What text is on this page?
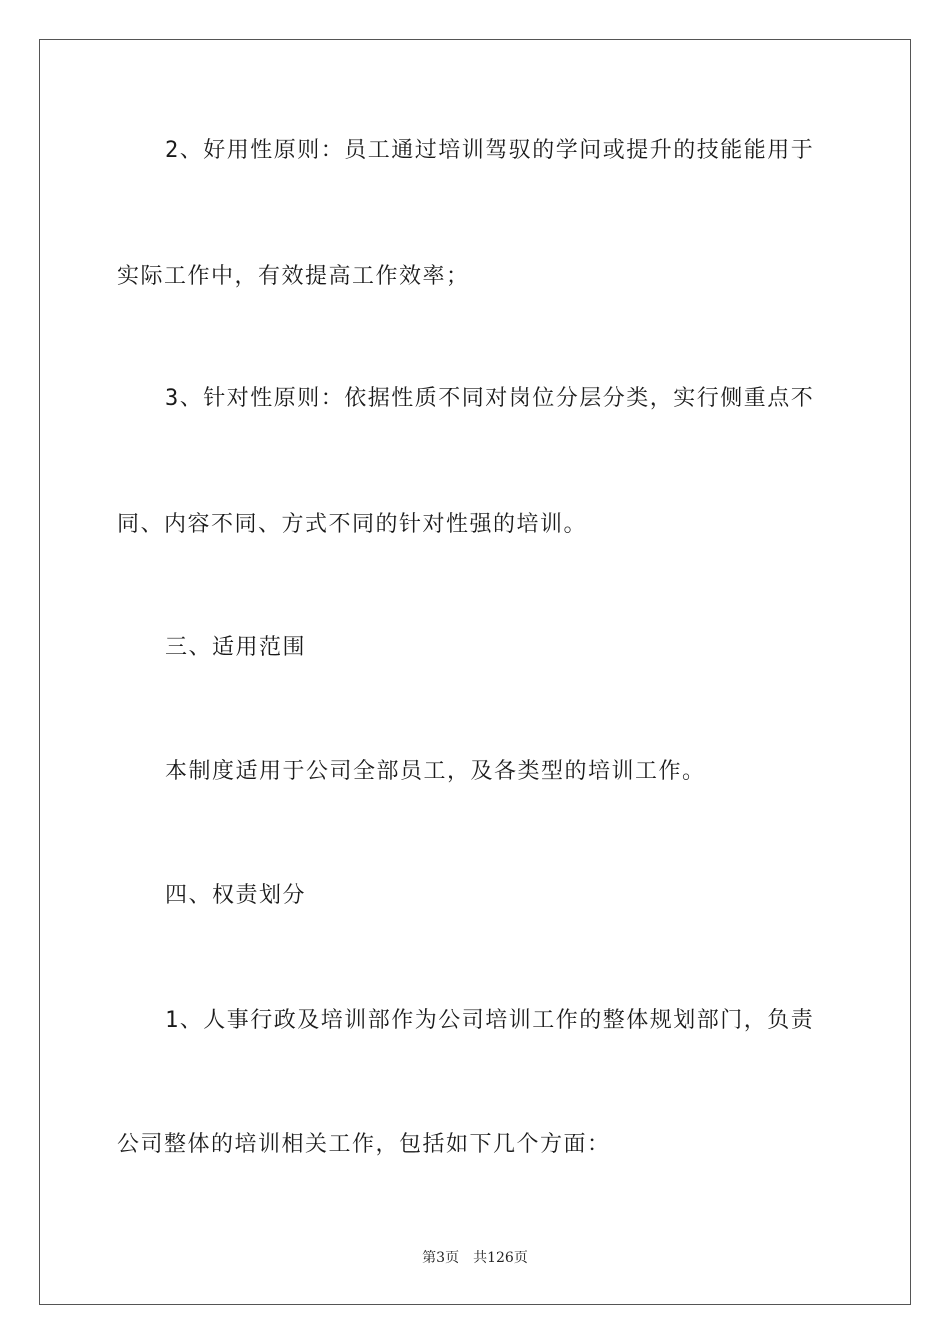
2、好用性原则：员工通过培训驾驭的学问或提升的技能能用于
实际工作中，有效提高工作效率；
3、针对性原则：依据性质不同对岗位分层分类，实行侧重点不
同、内容不同、方式不同的针对性强的培训。
三、适用范围
本制度适用于公司全部员工，及各类型的培训工作。
四、权责划分
1、人事行政及培训部作为公司培训工作的整体规划部门，负责
公司整体的培训相关工作，包括如下几个方面：
第3页 共126页
